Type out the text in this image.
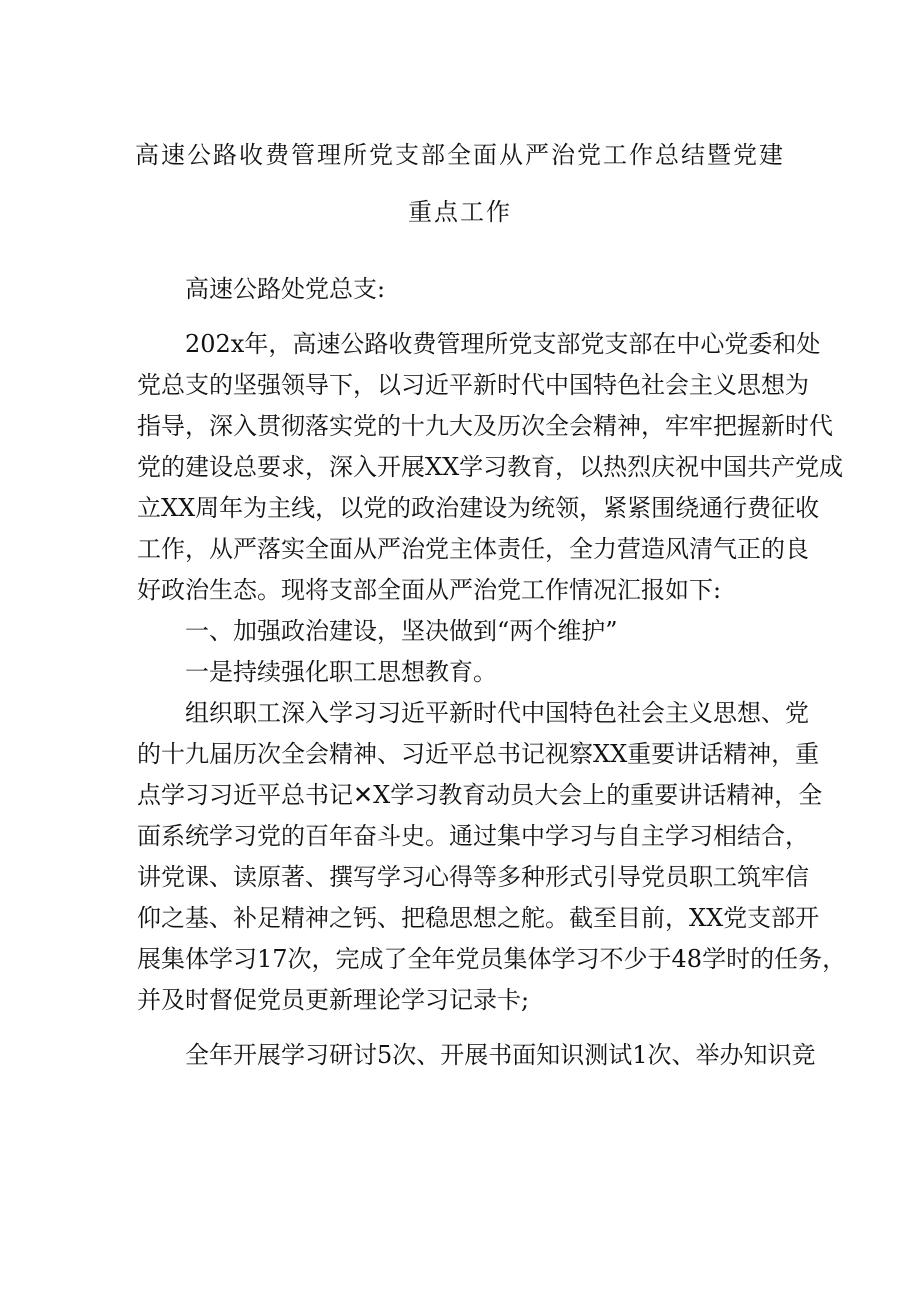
高速公路收费管理所党支部全面从严治党工作总结暨党建
重点工作
高速公路处党总支:
202x年，高速公路收费管理所党支部党支部在中心党委和处
党总支的坚强领导下，以习近平新时代中国特色社会主义思想为
指导，深入贯彻落实党的十九大及历次全会精神，牢牢把握新时代
党的建设总要求，深入开展XX学习教育，以热烈庆祝中国共产党成
立XX周年为主线，以党的政治建设为统领，紧紧围绕通行费征收
工作，从严落实全面从严治党主体责任，全力营造风清气正的良
好政治生态。现将支部全面从严治党工作情况汇报如下:
一、加强政治建设，坚决做到“两个维护”
一是持续强化职工思想教育。
组织职工深入学习习近平新时代中国特色社会主义思想、党
的十九届历次全会精神、习近平总书记视察XX重要讲话精神，重
点学习习近平总书记✕X学习教育动员大会上的重要讲话精神，全
面系统学习党的百年奋斗史。通过集中学习与自主学习相结合，
讲党课、读原著、撰写学习心得等多种形式引导党员职工筑牢信
仰之基、补足精神之钙、把稳思想之舵。截至目前，XX党支部开
展集体学习17次，完成了全年党员集体学习不少于48学时的任务，
并及时督促党员更新理论学习记录卡;
全年开展学习研讨5次、开展书面知识测试1次、举办知识竞
